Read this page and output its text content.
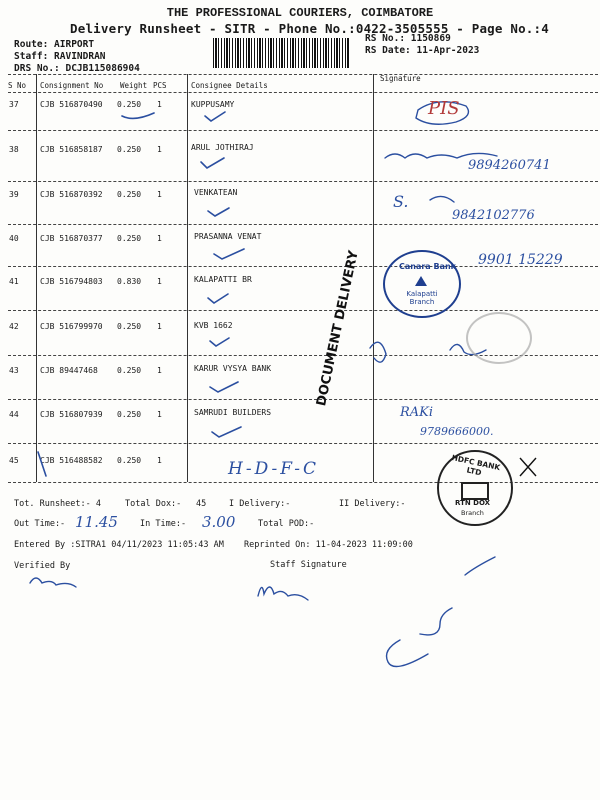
THE PROFESSIONAL COURIERS, COIMBATORE
Delivery Runsheet - SITR - Phone No.:0422-3505555 - Page No.:4
Route: AIRPORT
Staff: RAVINDRAN
DRS No.: DCJB115086904
RS No.: 1150869
RS Date: 11-Apr-2023
S No Consignment No Weight PCS	Consignee Details
Signature
37	CJB 516870490 0.250 1	KUPPUSAMY
38	CJB 516858187 0.250 1	ARUL JOTHIRAJ
39	CJB 516870392 0.250 1	VENKATEAN
40	CJB 516870377 0.250 1	PRASANNA VENAT
41	CJB 516794803 0.830 1	KALAPATTI BR
42	CJB 516799970 0.250 1	KVB 1662
43	CJB 89447468 0.250 1	KARUR VYSYA BANK
44	CJB 516807939 0.250 1	SAMRUDI BUILDERS
45	CJB 516488582 0.250 1
PIS
9894260741
S.
9842102776
9901 15229
RAKi
9789666000.
H-D-F-C
DOCUMENT DELIVERY	Canara Bank
Kalapatti Branch
HDFC BANK LTD
RTN DOX
Branch
Tot. Runsheet:- 4	Total Dox:- 45	I Delivery:-	II Delivery:-
Out Time:- 11.45	In Time:- 3.00	Total POD:-
Entered By :SITRA1 04/11/2023 11:05:43 AM Reprinted On: 11-04-2023 11:09:00
Verified By	Staff Signature
